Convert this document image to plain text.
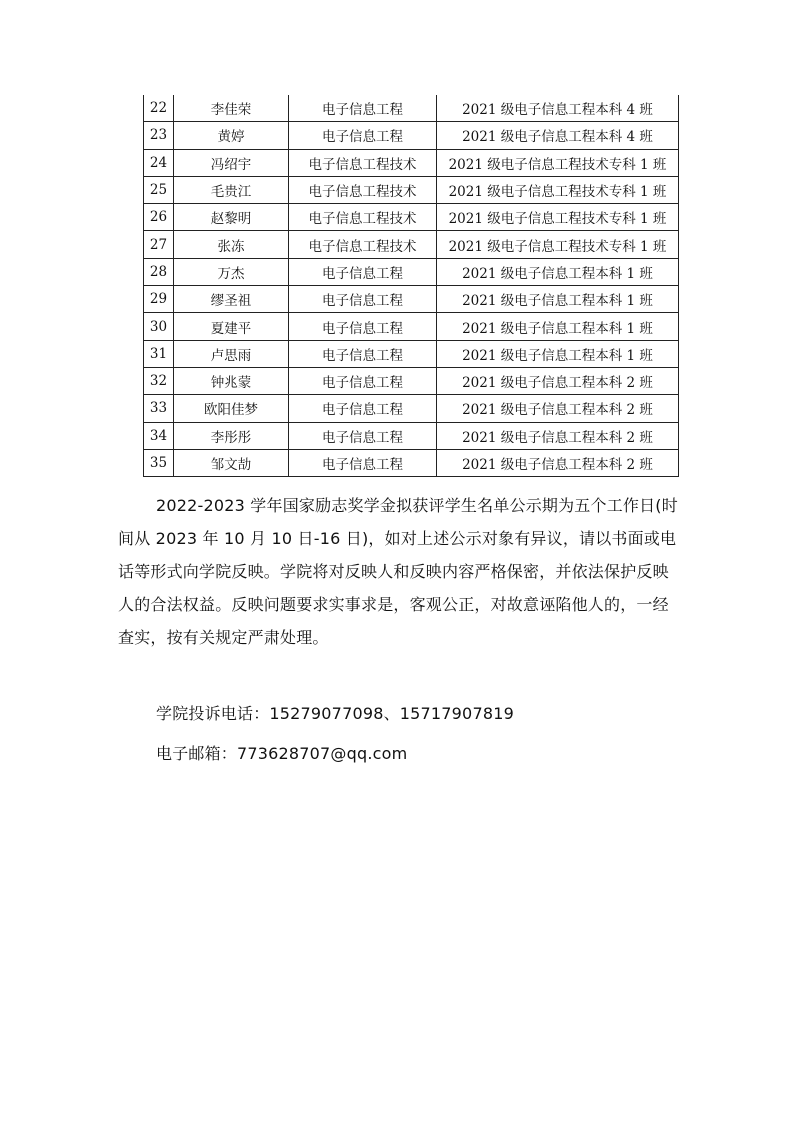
22	李佳荣	电子信息工程	2021 级电子信息工程本科 4 班
23	黄婷	电子信息工程	2021 级电子信息工程本科 4 班
24	冯绍宇	电子信息工程技术	2021 级电子信息工程技术专科 1 班
25	毛贵江	电子信息工程技术	2021 级电子信息工程技术专科 1 班
26	赵黎明	电子信息工程技术	2021 级电子信息工程技术专科 1 班
27	张冻	电子信息工程技术	2021 级电子信息工程技术专科 1 班
28	万杰	电子信息工程	2021 级电子信息工程本科 1 班
29	缪圣祖	电子信息工程	2021 级电子信息工程本科 1 班
30	夏建平	电子信息工程	2021 级电子信息工程本科 1 班
31	卢思雨	电子信息工程	2021 级电子信息工程本科 1 班
32	钟兆蒙	电子信息工程	2021 级电子信息工程本科 2 班
33	欧阳佳梦	电子信息工程	2021 级电子信息工程本科 2 班
34	李彤彤	电子信息工程	2021 级电子信息工程本科 2 班
35	邹文劼	电子信息工程	2021 级电子信息工程本科 2 班
2022-2023 学年国家励志奖学金拟获评学生名单公示期为五个工作日(时间从 2023 年 10 月 10 日-16 日)，如对上述公示对象有异议，请以书面或电话等形式向学院反映。学院将对反映人和反映内容严格保密，并依法保护反映人的合法权益。反映问题要求实事求是，客观公正，对故意诬陷他人的，一经查实，按有关规定严肃处理。
学院投诉电话：15279077098、15717907819
电子邮箱：773628707@qq.com
